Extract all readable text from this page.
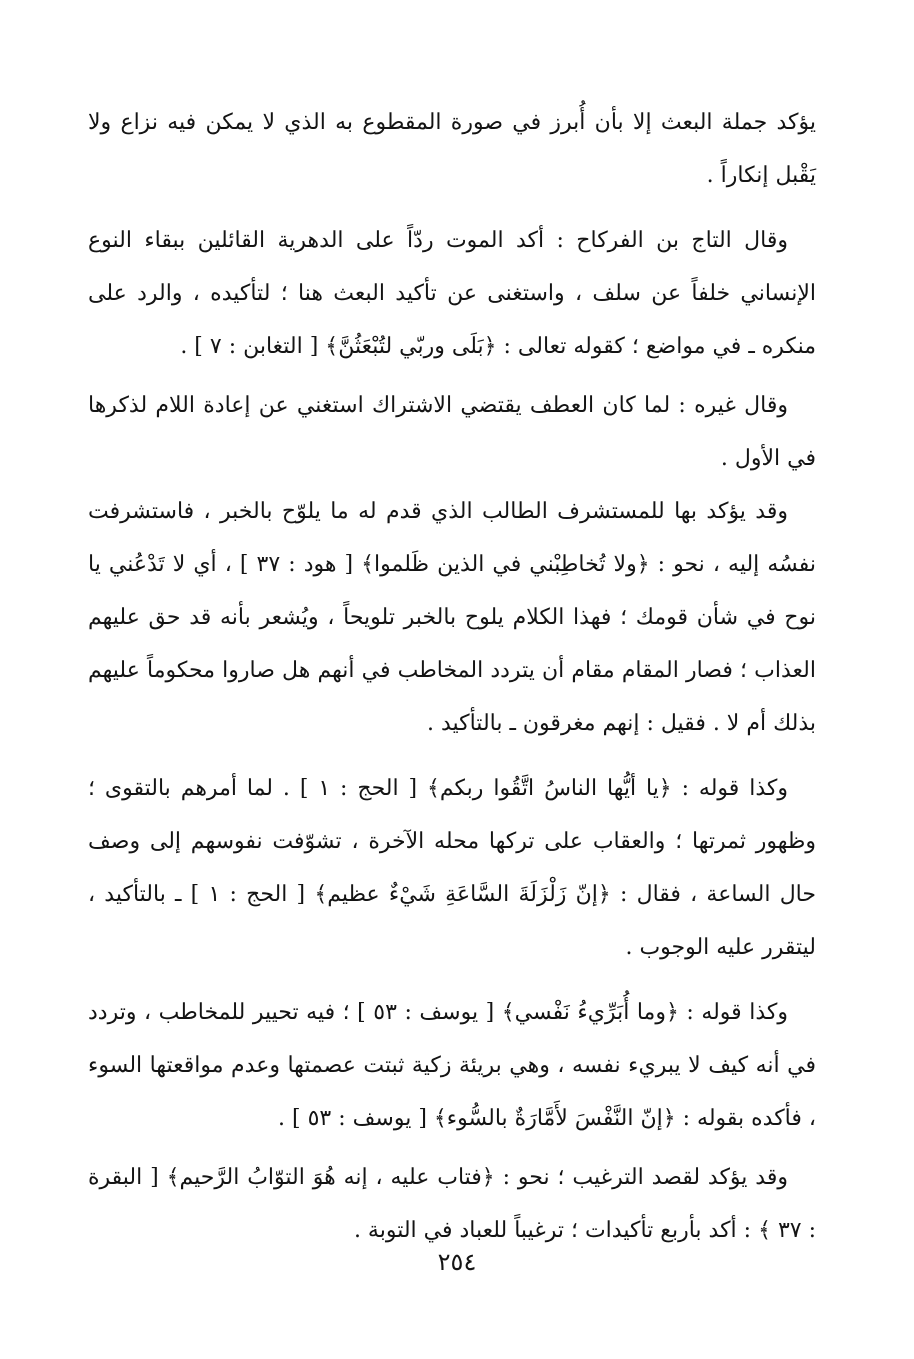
يؤكد جملة البعث إلا بأن أُبرز في صورة المقطوع به الذي لا يمكن فيه نزاع ولا يَقْبل إنكاراً .

وقال التاج بن الفركاح : أكد الموت ردّاً على الدهرية القائلين ببقاء النوع الإنساني خلفاً عن سلف ، واستغنى عن تأكيد البعث هنا ؛ لتأكيده ، والرد على منكره ـ في مواضع ؛ كقوله تعالى : ﴿بَلَى وربّي لتُبْعَثُنَّ﴾ [ التغابن : ٧ ] .

وقال غيره : لما كان العطف يقتضي الاشتراك استغني عن إعادة اللام لذكرها في الأول .

وقد يؤكد بها للمستشرف الطالب الذي قدم له ما يلوّح بالخبر ، فاستشرفت نفسُه إليه ، نحو : ﴿ولا تُخاطِبْني في الذين ظَلموا﴾ [ هود : ٣٧ ] ، أي لا تَدْعُني يا نوح في شأن قومك ؛ فهذا الكلام يلوح بالخبر تلويحاً ، ويُشعر بأنه قد حق عليهم العذاب ؛ فصار المقام مقام أن يتردد المخاطب في أنهم هل صاروا محكوماً عليهم بذلك أم لا . فقيل : إنهم مغرقون ـ بالتأكيد .

وكذا قوله : ﴿يا أيُّها الناسُ اتَّقُوا ربكم﴾ [ الحج : ١ ] . لما أمرهم بالتقوى ؛ وظهور ثمرتها ؛ والعقاب على تركها محله الآخرة ، تشوّفت نفوسهم إلى وصف حال الساعة ، فقال : ﴿إنّ زَلْزَلَةَ السَّاعَةِ شَيْءٌ عظيم﴾ [ الحج : ١ ] ـ بالتأكيد ، ليتقرر عليه الوجوب .

وكذا قوله : ﴿وما أُبَرِّيءُ نَفْسي﴾ [ يوسف : ٥٣ ] ؛ فيه تحيير للمخاطب ، وتردد في أنه كيف لا يبريء نفسه ، وهي بريئة زكية ثبتت عصمتها وعدم مواقعتها السوء ، فأكده بقوله : ﴿إنّ النَّفْسَ لأَمَّارَةٌ بالسُّوء﴾ [ يوسف : ٥٣ ] .

وقد يؤكد لقصد الترغيب ؛ نحو : ﴿فتاب عليه ، إنه هُوَ التوّابُ الرَّحيم﴾ [ البقرة : ٣٧ ﴾ : أكد بأربع تأكيدات ؛ ترغيباً للعباد في التوبة .

٢٥٤
